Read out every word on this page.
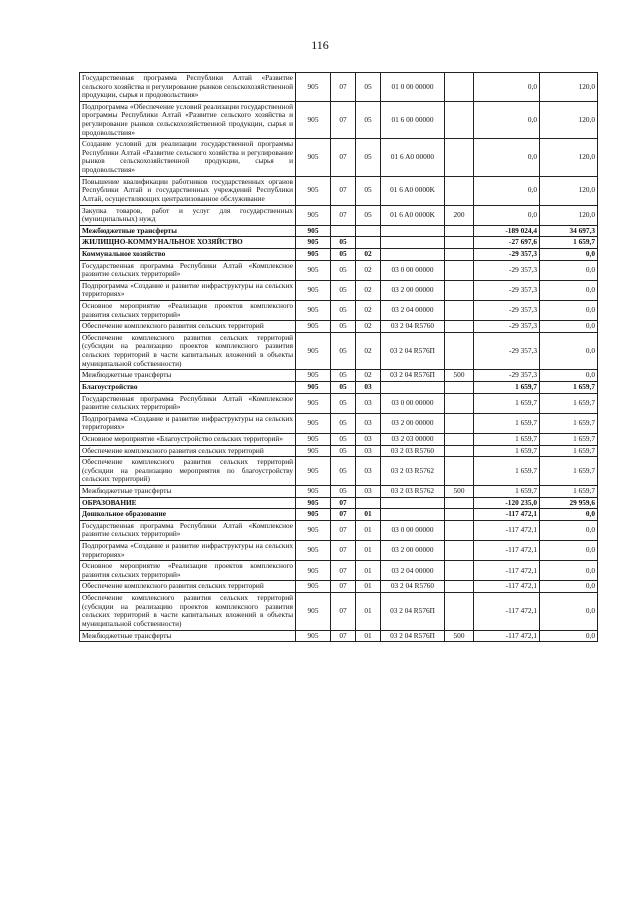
116
Государственная программа Республики Алтай «Развитие сельского хозяйства и регулирование рынков сельскохозяйственной продукции, сырья и продовольствия»	905	07	05	01 0 00 00000		0,0	120,0
Подпрограмма «Обеспечение условий реализации государственной программы Республики Алтай «Развитие сельского хозяйства и регулирование рынков сельскохозяйственной продукции, сырья и продовольствия»	905	07	05	01 6 00 00000		0,0	120,0
Создание условий для реализации государственной программы Республики Алтай «Развитие сельского хозяйства и регулирование рынков сельскохозяйственной продукции, сырья и продовольствия»	905	07	05	01 6 A0 00000		0,0	120,0
Повышение квалификации работников государственных органов Республики Алтай и государственных учреждений Республики Алтай, осуществляющих централизованное обслуживание	905	07	05	01 6 A0 0000K		0,0	120,0
Закупка товаров, работ и услуг для государственных (муниципальных) нужд	905	07	05	01 6 A0 0000K	200	0,0	120,0
Межбюджетные трансферты	905					-189 024,4	34 697,3
ЖИЛИЩНО-КОММУНАЛЬНОЕ ХОЗЯЙСТВО	905	05				-27 697,6	1 659,7
Коммунальное хозяйство	905	05	02			-29 357,3	0,0
Государственная программа Республики Алтай «Комплексное развитие сельских территорий»	905	05	02	03 0 00 00000		-29 357,3	0,0
Подпрограмма «Создание и развитие инфраструктуры на сельских территориях»	905	05	02	03 2 00 00000		-29 357,3	0,0
Основное мероприятие «Реализация проектов комплексного развития сельских территорий»	905	05	02	03 2 04 00000		-29 357,3	0,0
Обеспечение комплексного развития сельских территорий	905	05	02	03 2 04 R5760		-29 357,3	0,0
Обеспечение комплексного развития сельских территорий (субсидии на реализацию проектов комплексного развития сельских территорий в части капитальных вложений в объекты муниципальной собственности)	905	05	02	03 2 04 R576П		-29 357,3	0,0
Межбюджетные трансферты	905	05	02	03 2 04 R576П	500	-29 357,3	0,0
Благоустройство	905	05	03			1 659,7	1 659,7
Государственная программа Республики Алтай «Комплексное развитие сельских территорий»	905	05	03	03 0 00 00000		1 659,7	1 659,7
Подпрограмма «Создание и развитие инфраструктуры на сельских территориях»	905	05	03	03 2 00 00000		1 659,7	1 659,7
Основное мероприятие «Благоустройство сельских территорий»	905	05	03	03 2 03 00000		1 659,7	1 659,7
Обеспечение комплексного развития сельских территорий	905	05	03	03 2 03 R5760		1 659,7	1 659,7
Обеспечение комплексного развития сельских территорий (субсидии на реализацию мероприятия по благоустройству сельских территорий)	905	05	03	03 2 03 R5762		1 659,7	1 659,7
Межбюджетные трансферты	905	05	03	03 2 03 R5762	500	1 659,7	1 659,7
ОБРАЗОВАНИЕ	905	07				-120 235,0	29 959,6
Дошкольное образование	905	07	01			-117 472,1	0,0
Государственная программа Республики Алтай «Комплексное развитие сельских территорий»	905	07	01	03 0 00 00000		-117 472,1	0,0
Подпрограмма «Создание и развитие инфраструктуры на сельских территориях»	905	07	01	03 2 00 00000		-117 472,1	0,0
Основное мероприятие «Реализация проектов комплексного развития сельских территорий»	905	07	01	03 2 04 00000		-117 472,1	0,0
Обеспечение комплексного развития сельских территорий	905	07	01	03 2 04 R5760		-117 472,1	0,0
Обеспечение комплексного развития сельских территорий (субсидии на реализацию проектов комплексного развития сельских территорий в части капитальных вложений в объекты муниципальной собственности)	905	07	01	03 2 04 R576П		-117 472,1	0,0
Межбюджетные трансферты	905	07	01	03 2 04 R576П	500	-117 472,1	0,0
